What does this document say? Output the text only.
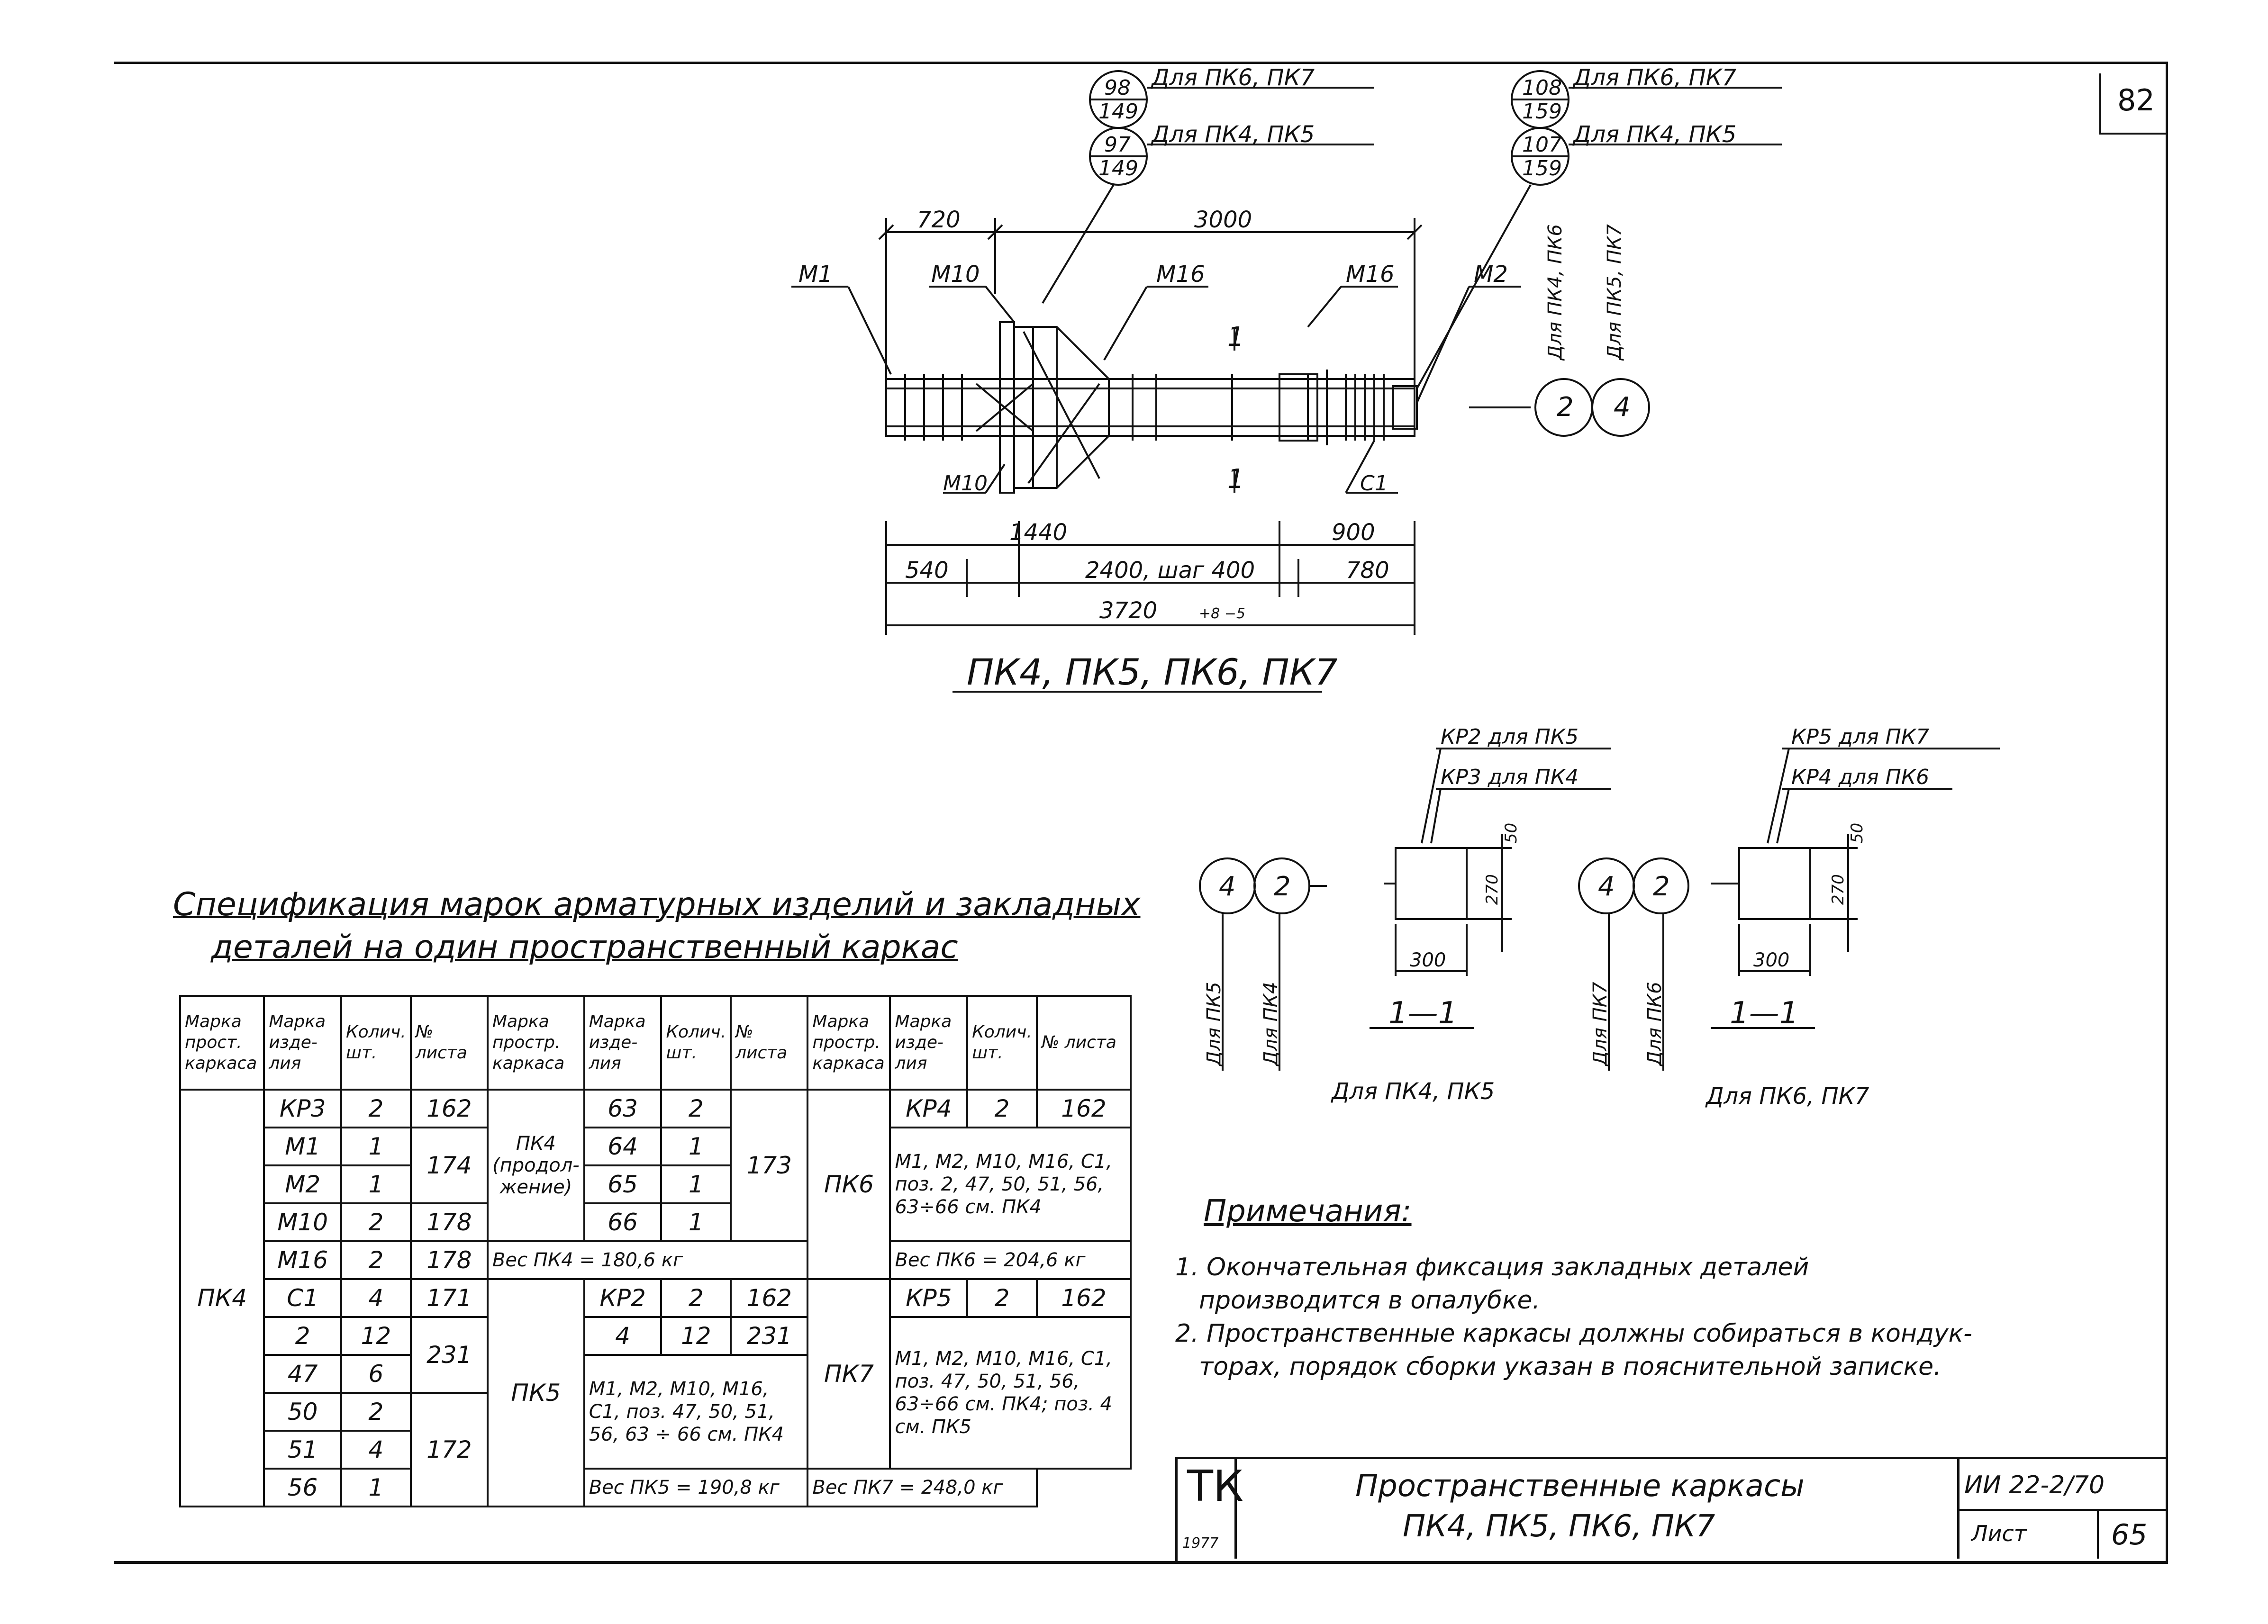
82
Для ПК4, ПК6 Для ПК5, ПК7
98
149
Для ПК6, ПК7
97
149
Для ПК4, ПК5
108
159
Для ПК6, ПК7
107
159
Для ПК4, ПК5
720	3000
М1	М10	М16	М16	М2
1
1
2 4
М10	С1
1440	900
540	2400, шаг 400	780
3720	+8 −5
ПК4, ПК5, ПК6, ПК7
КР2 для ПК5
КР3 для ПК4
КР5 для ПК7
КР4 для ПК6
4 2	4 2
Для ПК5 Для ПК4	Для ПК7 Для ПК6
50
270
50
270
300	300
1—1	1—1
Для ПК4, ПК5	Для ПК6, ПК7
Спецификация марок арматурных изделий и закладных
деталей на один пространственный каркас
Марка прост. каркаса	Марка изде- лия	Колич. шт.	№ листа	Марка простр. каркаса	Марка изде- лия	Колич. шт.	№ листа	Марка простр. каркаса	Марка изде- лия	Колич. шт.	№ листа
ПК4	КР3	2	162	ПК4 (продол- жение)	63	2	173	ПК6	КР4	2	162
	М1	1	174		64	1			М1, М2, М10, М16, С1, поз. 2, 47, 50, 51, 56, 63÷66 см. ПК4		
	М2	1			65	1					
	М10	2	178		66	1					
	М16	2	178	Вес ПК4 = 180,6 кг					Вес ПК6 = 204,6 кг		
	С1	4	171	ПК5	КР2	2	162	ПК7	КР5	2	162
	2	12	231		4	12	231		М1, М2, М10, М16, С1, поз. 47, 50, 51, 56, 63÷66 см. ПК4; поз. 4 см. ПК5		
	47	6			М1, М2, М10, М16, С1, поз. 47, 50, 51, 56, 63 ÷ 66 см. ПК4						
	50	2	172								
	51	4									
	56	1			Вес ПК5 = 190,8 кг			Вес ПК7 = 248,0 кг			
Примечания:
1. Окончательная фиксация закладных деталей
производится в опалубке.
2. Пространственные каркасы должны собираться в кондук-
торах, порядок сборки указан в пояснительной записке.
ТК
1977
Пространственные каркасы
ПК4, ПК5, ПК6, ПК7
ИИ 22-2/70
Лист	65
